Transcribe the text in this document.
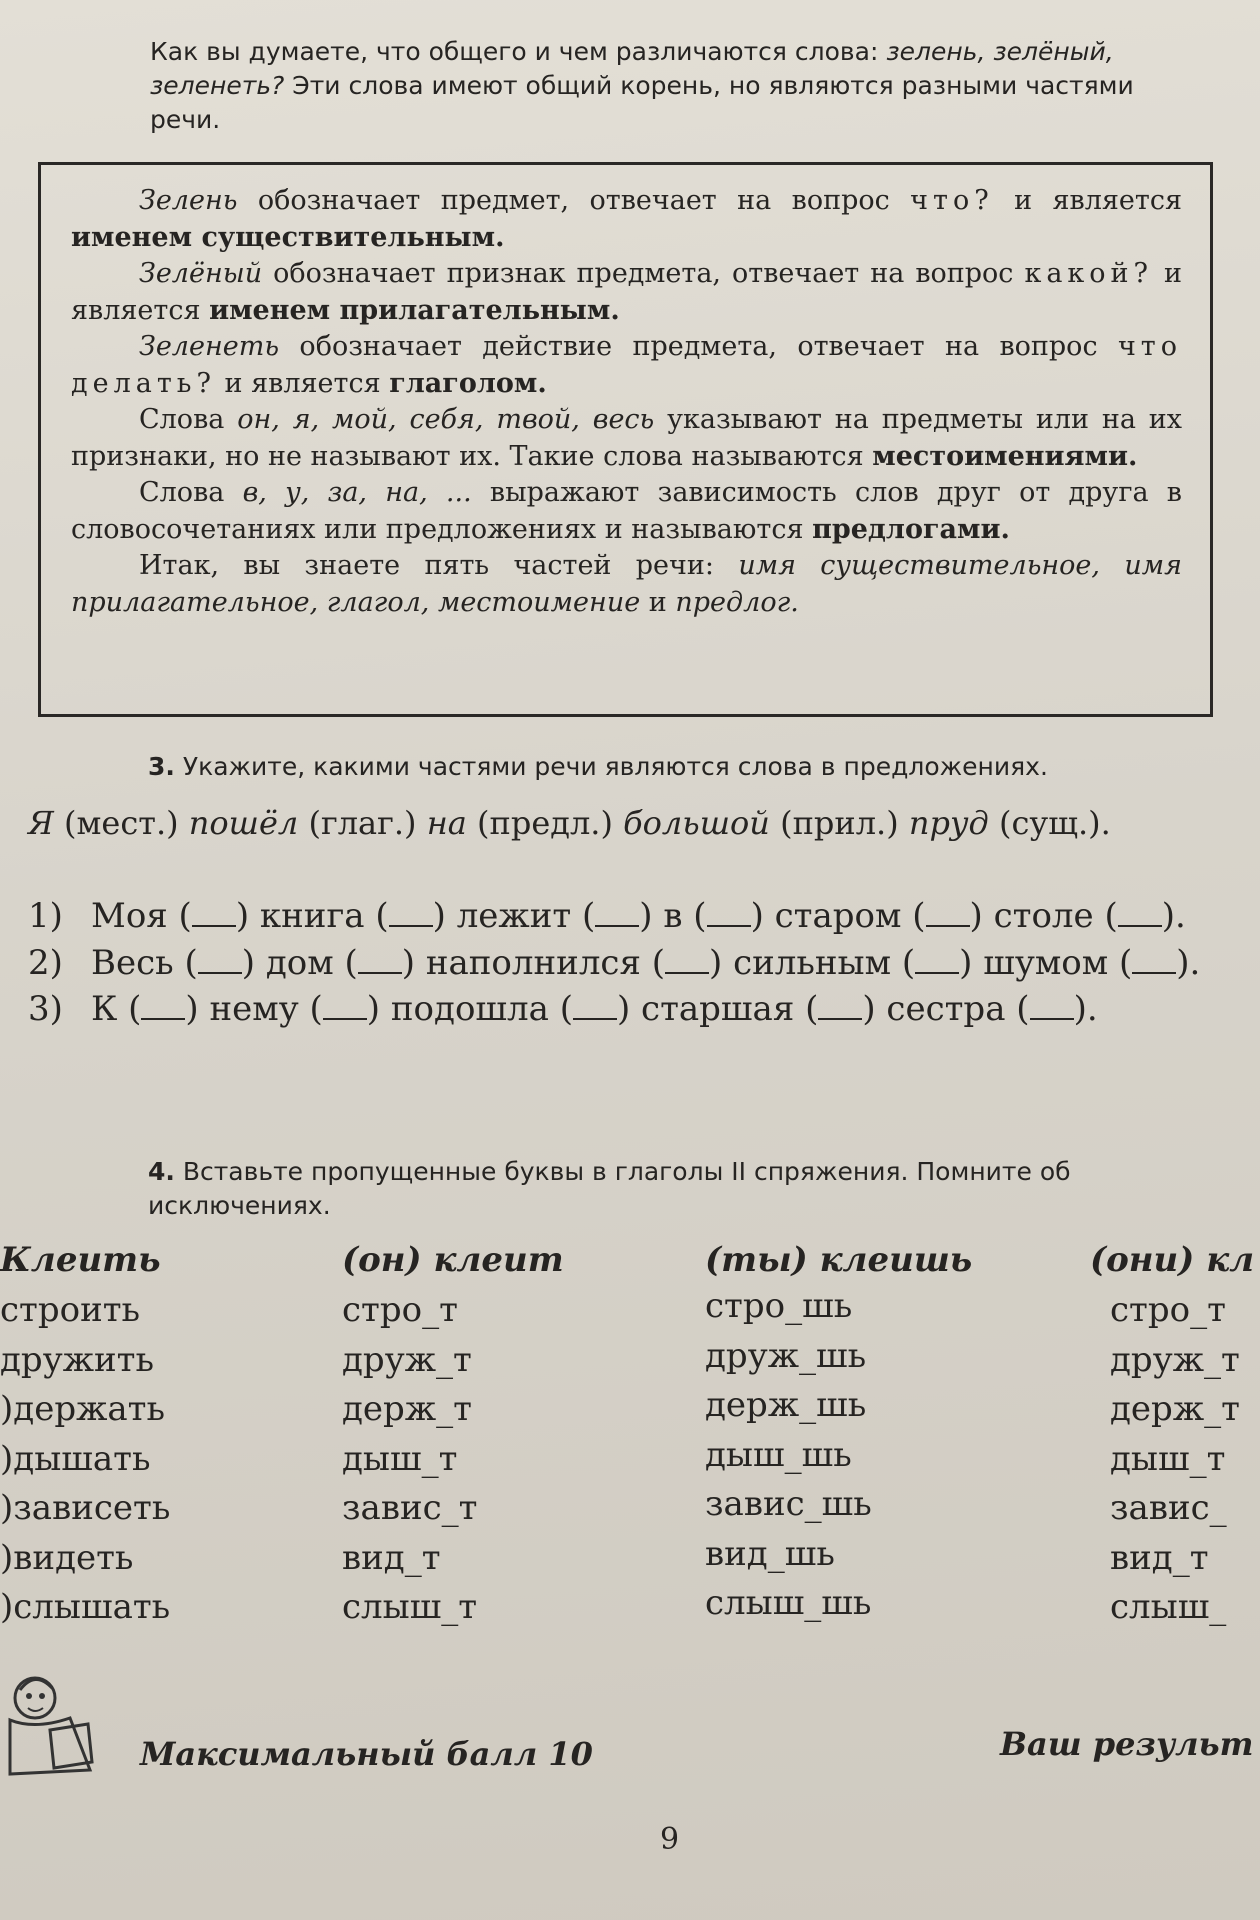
Как вы думаете, что общего и чем различаются слова: зелень, зелёный, зеленеть? Эти слова имеют общий корень, но являются разными частями речи.

Зелень обозначает предмет, отвечает на вопрос что? и является именем существительным.

Зелёный обозначает признак предмета, отвечает на вопрос какой? и является именем прилагательным.

Зеленеть обозначает действие предмета, отвечает на вопрос что делать? и является глаголом.

Слова он, я, мой, себя, твой, весь указывают на предметы или на их признаки, но не называют их. Такие слова называются местоимениями.

Слова в, у, за, на, ... выражают зависимость слов друг от друга в словосочетаниях или предложениях и называются предлогами.

Итак, вы знаете пять частей речи: имя существительное, имя прилагательное, глагол, местоимение и предлог.

3. Укажите, какими частями речи являются слова в предложениях.
Я (мест.) пошёл (глаг.) на (предл.) большой (прил.) пруд (сущ.).
1) Моя ( ) книга ( ) лежит ( ) в ( ) старом ( ) столе ( ).
2) Весь ( ) дом ( ) наполнился ( ) сильным ( ) шумом ( ).
3) К ( ) нему ( ) подошла ( ) старшая ( ) сестра ( ).
4. Вставьте пропущенные буквы в глаголы II спряжения. Помните об исключениях.
Клеить	(он) клеит	(ты) клеишь	(они) кл
строить	стро_т	стро_шь	стро_т
дружить	друж_т	друж_шь	друж_т
)держать	держ_т	держ_шь	держ_т
)дышать	дыш_т	дыш_шь	дыш_т
)зависеть	завис_т	завис_шь	завис_
)видеть	вид_т	вид_шь	вид_т
)слышать	слыш_т	слыш_шь	слыш_
Максимальный балл 10	Ваш результ
9
